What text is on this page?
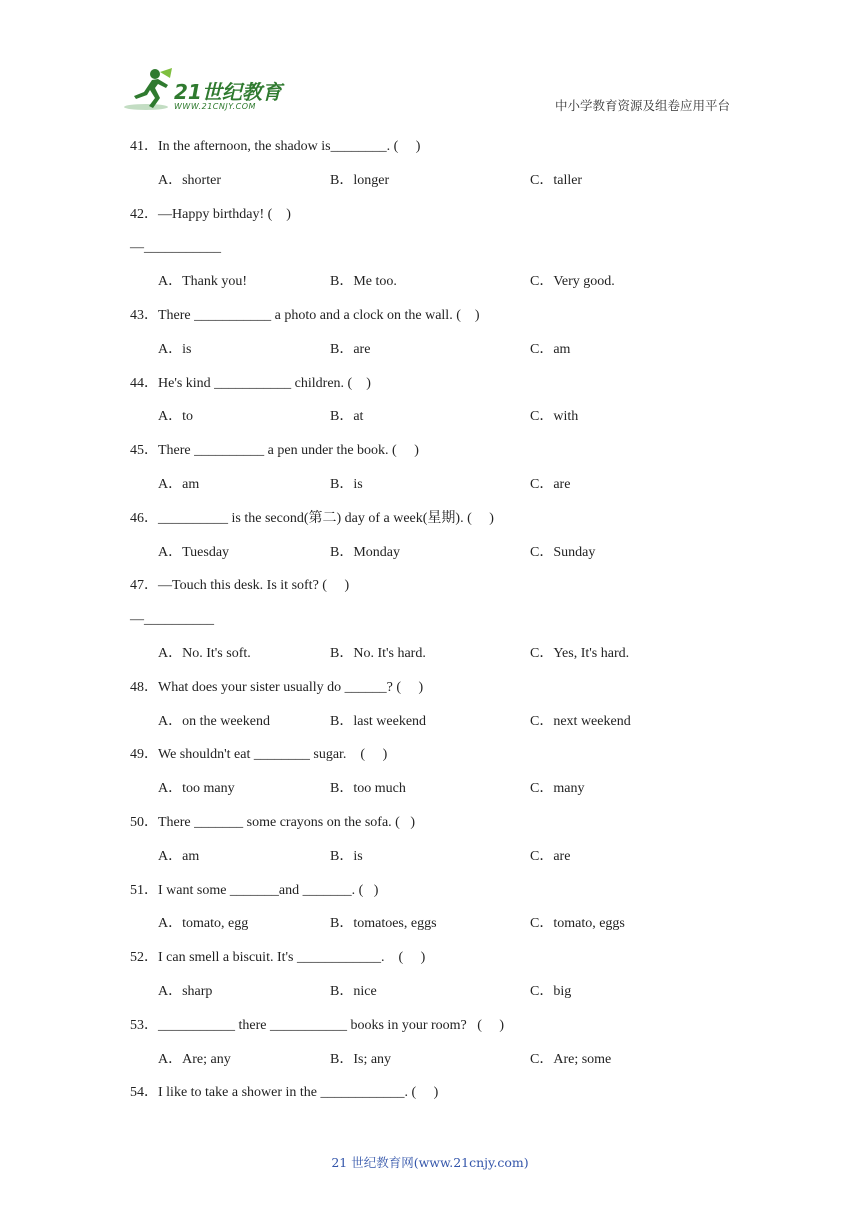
21世纪教育
WWW.21CNJY.COM	中小学教育资源及组卷应用平台
41．In the afternoon, the shadow is________. (     )
A．shorter	B．longer	C．taller
42．—Happy birthday! (    )
—___________
A．Thank you!	B．Me too.	C．Very good.
43．There ___________ a photo and a clock on the wall. (    )
A．is	B．are	C．am
44．He's kind ___________ children. (    )
A．to	B．at	C．with
45．There __________ a pen under the book. (     )
A．am	B．is	C．are
46．__________ is the second(第二) day of a week(星期). (     )
A．Tuesday	B．Monday	C．Sunday
47．—Touch this desk. Is it soft? (     )
—__________
A．No. It's soft.	B．No. It's hard.	C．Yes, It's hard.
48．What does your sister usually do ______? (     )
A．on the weekend	B．last weekend	C．next weekend
49．We shouldn't eat ________ sugar.    (     )
A．too many	B．too much	C．many
50．There _______ some crayons on the sofa. (   )
A．am	B．is	C．are
51．I want some _______and _______. (   )
A．tomato, egg	B．tomatoes, eggs	C．tomato, eggs
52．I can smell a biscuit. It's ____________.    (     )
A．sharp	B．nice	C．big
53．___________ there ___________ books in your room?   (     )
A．Are; any	B．Is; any	C．Are; some
54．I like to take a shower in the ____________. (     )
21 世纪教育网(www.21cnjy.com)
